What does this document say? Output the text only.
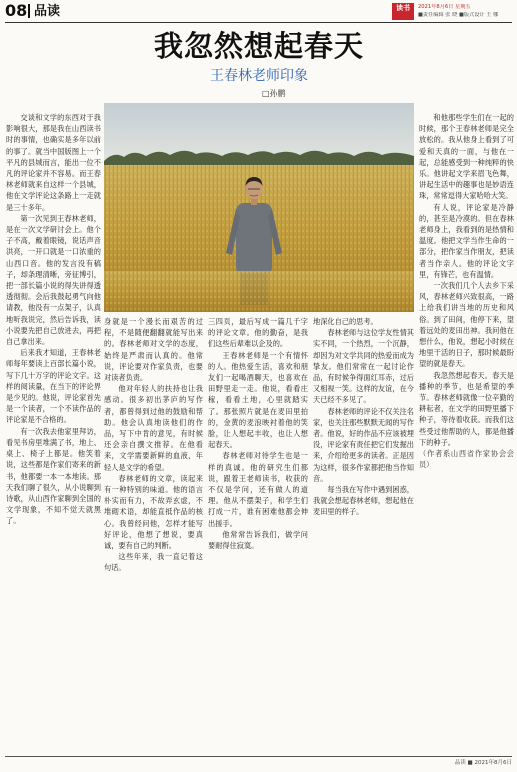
08 品读	读书	2021年8月6日 星期五
■责任编辑 张 晓 ■版式设计 王 娜
我忽然想起春天
王春林老师印象
□孙鹏

交谈和文学的东西对于我影响很大，那是我在山西读书时的事情，也确实是多年以前的事了。就当中国版图上一个平凡的县城而言，能出一位不凡的评论家并不容易。而王春林老师就来自这样一个县城，他在文学评论这条路上一走就是三十多年。

第一次见到王春林老师，是在一次文学研讨会上。他个子不高，戴着眼镜，说话声音洪亮，一开口就是一口浓重的山西口音。他的发言没有稿子，却条理清晰，旁征博引，把一部长篇小说的得失讲得透透彻彻。会后我鼓起勇气向他请教，他没有一点架子，认真地听我说完，然后告诉我，读小说要先把自己放进去，再把自己拿出来。

后来我才知道，王春林老师每年要读上百部长篇小说，写下几十万字的评论文字。这样的阅读量，在当下的评论界是少见的。他说，评论家首先是一个读者，一个不读作品的评论家是不合格的。

有一次我去他家里拜访，看见书房里堆满了书，地上、桌上、椅子上都是。他笑着说，这些都是作家们寄来的新书，他都要一本一本地读。那天我们聊了很久，从小说聊到诗歌，从山西作家聊到全国的文学现象，不知不觉天就黑了。

身就是一个漫长而艰苦的过程，不是随便翻翻就能写出来的。春林老师对文学的态度，始终是严肃而认真的。他常说，评论要对作家负责，也要对读者负责。

他对年轻人的扶持也让我感动。很多初出茅庐的写作者，都曾得到过他的鼓励和帮助。他会认真地读他们的作品，写下中肯的意见，有时候还会亲自撰文推荐。在他看来，文学需要新鲜的血液，年轻人是文学的希望。

春林老师的文章，读起来有一种特别的味道。他的语言朴实而有力，不故弄玄虚，不堆砌术语，却能直抵作品的核心。我曾经问他，怎样才能写好评论，他想了想说，要真诚，要有自己的判断。

这些年来，我一直记着这句话。

三四页，最后写成一篇几千字的评论文章。他的勤奋，是我们这些后辈难以企及的。

王春林老师是一个有情怀的人。他热爱生活，喜欢和朋友们一起喝酒聊天，也喜欢在田野里走一走。他说，看看庄稼，看看土地，心里就踏实了。那张照片就是在麦田里拍的，金黄的麦浪映衬着他的笑脸，让人想起丰收，也让人想起春天。

春林老师对待学生也是一样的真诚。他的研究生们都说，跟着王老师读书，收获的不仅是学问，还有做人的道理。他从不摆架子，和学生们打成一片，谁有困难他都会伸出援手。

他常常告诉我们，做学问要耐得住寂寞。

地深化自己的思考。

春林老师与这位学友性情其实不同，一个热烈，一个沉静，却因为对文学共同的热爱而成为挚友。他们常常在一起讨论作品，有时候争得面红耳赤，过后又相视一笑。这样的友谊，在今天已经不多见了。

春林老师的评论不仅关注名家，也关注那些默默无闻的写作者。他说，好的作品不应该被埋没，评论家有责任把它们发掘出来，介绍给更多的读者。正是因为这样，很多作家都把他当作知音。

每当我在写作中遇到困惑，我就会想起春林老师，想起他在麦田里的样子。

和他那些学生们在一起的时候，那个王春林老师是完全放松的。我从他身上看到了可爱和天真的一面，与他在一起，总能感受到一种纯粹的快乐。他讲起文学来眉飞色舞，讲起生活中的趣事也是妙语连珠，常常逗得大家哈哈大笑。

有人说，评论家是冷静的，甚至是冷漠的。但在春林老师身上，我看到的是热情和温度。他把文学当作生命的一部分，把作家当作朋友，把读者当作亲人。他的评论文字里，有锋芒，也有温情。

一次我们几个人去乡下采风，春林老师兴致很高，一路上给我们讲当地的历史和风俗。到了田间，他停下来，望着远处的麦田出神。我问他在想什么，他说，想起小时候在地里干活的日子，那时候最盼望的就是春天。

我忽然想起春天。春天是播种的季节，也是希望的季节。春林老师就像一位辛勤的耕耘者，在文学的田野里播下种子，等待着收获。而我们这些受过他帮助的人，都是他播下的种子。

（作者系山西省作家协会会员）

品读 ■ 2021年8月6日
